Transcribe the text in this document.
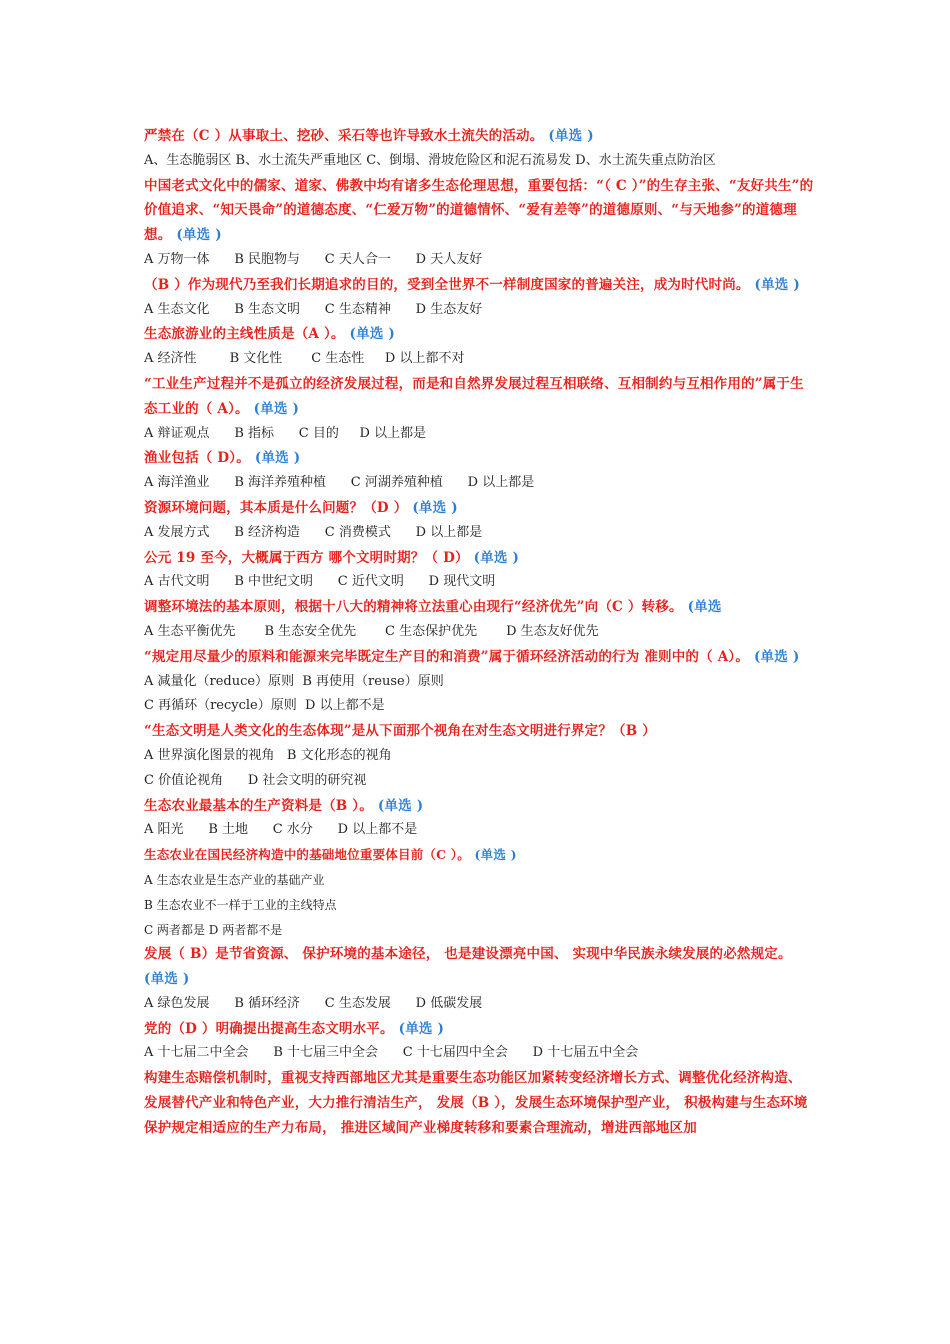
严禁在（C ）从事取土、挖砂、采石等也许导致水土流失的活动。 (单选 )

A、生态脆弱区 B、水土流失严重地区 C、倒塌、滑坡危险区和泥石流易发 D、水土流失重点防治区

中国老式文化中的儒家、道家、佛教中均有诸多生态伦理思想，重要包括：“（ C ）”的生存主张、“友好共生”的价值追求、“知天畏命”的道德态度、“仁爱万物”的道德情怀、“爱有差等”的道德原则、“与天地参”的道德理想。 (单选 )

A 万物一体      B 民胞物与      C 天人合一      D 天人友好

（B ）作为现代乃至我们长期追求的目的，受到全世界不一样制度国家的普遍关注，成为时代时尚。 (单选 )

A 生态文化      B 生态文明      C 生态精神      D 生态友好

生态旅游业的主线性质是（A ）。 (单选 )

A 经济性        B 文化性       C 生态性     D 以上都不对

“工业生产过程并不是孤立的经济发展过程，而是和自然界发展过程互相联络、互相制约与互相作用的”属于生态工业的（ A）。 (单选 )

A 辩证观点      B 指标      C 目的     D 以上都是

渔业包括（ D）。 (单选 )

A 海洋渔业      B 海洋养殖种植      C 河湖养殖种植      D 以上都是

资源环境问题，其本质是什么问题？（D ） (单选 )

A 发展方式      B 经济构造      C 消费模式      D 以上都是

公元 19 至今，大概属于西方 哪个文明时期？（ D） (单选 )

A 古代文明      B 中世纪文明      C 近代文明      D 现代文明

调整环境法的基本原则，根据十八大的精神将立法重心由现行“经济优先”向（C ）转移。 (单选

A 生态平衡优先       B 生态安全优先       C 生态保护优先       D 生态友好优先

“规定用尽量少的原料和能源来完毕既定生产目的和消费”属于循环经济活动的行为 准则中的（ A）。 (单选 )

A 减量化（reduce）原则  B 再使用（reuse）原则

C 再循环（recycle）原则  D 以上都不是

“生态文明是人类文化的生态体现”是从下面那个视角在对生态文明进行界定？（B ）

A 世界演化图景的视角   B 文化形态的视角

C 价值论视角      D 社会文明的研究视

生态农业最基本的生产资料是（B ）。 (单选 )

A 阳光      B 土地      C 水分      D 以上都不是

生态农业在国民经济构造中的基础地位重要体目前（C ）。 (单选 )

A 生态农业是生态产业的基础产业

B 生态农业不一样于工业的主线特点

C 两者都是 D 两者都不是

发展（ B）是节省资源、 保护环境的基本途径， 也是建设漂亮中国、 实现中华民族永续发展的必然规定。 (单选 )

A 绿色发展      B 循环经济      C 生态发展      D 低碳发展

党的（D ）明确提出提高生态文明水平。 (单选 )

A 十七届二中全会      B 十七届三中全会      C 十七届四中全会      D 十七届五中全会

构建生态赔偿机制时，重视支持西部地区尤其是重要生态功能区加紧转变经济增长方式、调整优化经济构造、发展替代产业和特色产业，大力推行清洁生产， 发展（B ），发展生态环境保护型产业， 积极构建与生态环境保护规定相适应的生产力布局， 推进区域间产业梯度转移和要素合理流动，增进西部地区加
